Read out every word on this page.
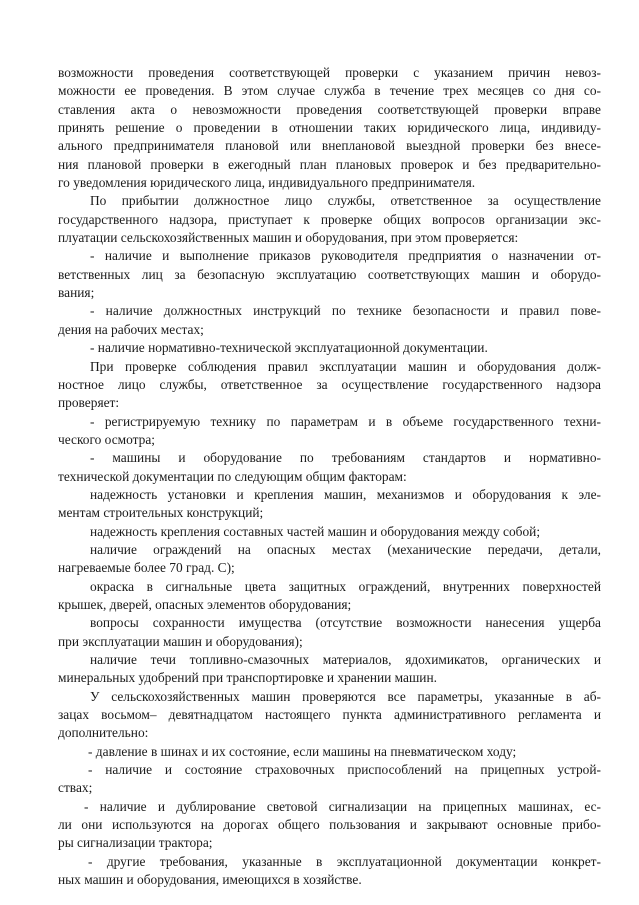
возможности проведения соответствующей проверки с указанием причин невоз-
можности ее проведения. В этом случае служба в течение трех месяцев со дня со-
ставления акта о невозможности проведения соответствующей проверки вправе
принять решение о проведении в отношении таких юридического лица, индивиду-
ального предпринимателя плановой или внеплановой выездной проверки без внесе-
ния плановой проверки в ежегодный план плановых проверок и без предварительно-
го уведомления юридического лица, индивидуального предпринимателя.
По прибытии должностное лицо службы, ответственное за осуществление
государственного надзора, приступает к проверке общих вопросов организации экс-
плуатации сельскохозяйственных машин и оборудования, при этом проверяется:
- наличие и выполнение приказов руководителя предприятия о назначении от-
ветственных лиц за безопасную эксплуатацию соответствующих машин и оборудо-
вания;
- наличие должностных инструкций по технике безопасности и правил пове-
дения на рабочих местах;
- наличие нормативно-технической эксплуатационной документации.
При проверке соблюдения правил эксплуатации машин и оборудования долж-
ностное лицо службы, ответственное за осуществление государственного надзора
проверяет:
- регистрируемую технику по параметрам и в объеме государственного техни-
ческого осмотра;
- машины и оборудование по требованиям стандартов и нормативно-
технической документации по следующим общим факторам:
надежность установки и крепления машин, механизмов и оборудования к эле-
ментам строительных конструкций;
надежность крепления составных частей машин и оборудования между собой;
наличие ограждений на опасных местах (механические передачи, детали,
нагреваемые более 70 град. С);
окраска в сигнальные цвета защитных ограждений, внутренних поверхностей
крышек, дверей, опасных элементов оборудования;
вопросы сохранности имущества (отсутствие возможности нанесения ущерба
при эксплуатации машин и оборудования);
наличие течи топливно-смазочных материалов, ядохимикатов, органических и
минеральных удобрений при транспортировке и хранении машин.
У сельскохозяйственных машин проверяются все параметры, указанные в аб-
зацах восьмом– девятнадцатом настоящего пункта административного регламента и
дополнительно:
- давление в шинах и их состояние, если машины на пневматическом ходу;
- наличие и состояние страховочных приспособлений на прицепных устрой-
ствах;
- наличие и дублирование световой сигнализации на прицепных машинах, ес-
ли они используются на дорогах общего пользования и закрывают основные прибо-
ры сигнализации трактора;
- другие требования, указанные в эксплуатационной документации конкрет-
ных машин и оборудования, имеющихся в хозяйстве.
